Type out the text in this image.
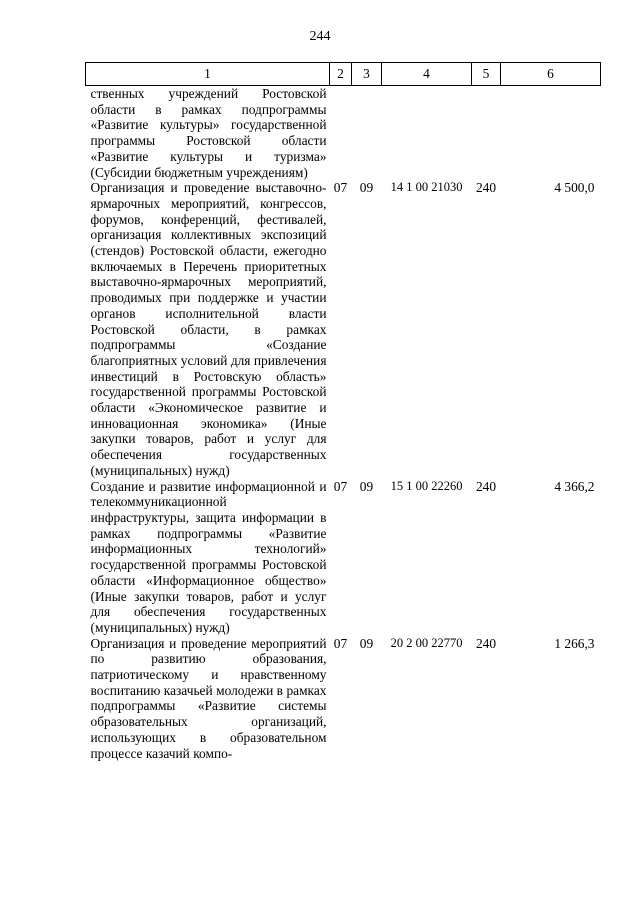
244
1	2	3	4	5	6
ственных учреждений Ростовской области в рамках подпрограммы «Развитие культуры» государственной программы Ростовской области «Развитие культуры и туризма» (Субсидии бюджетным учреждениям)					
Организация и проведение выставочно-ярмарочных мероприятий, конгрессов, форумов, конференций, фестивалей, организация коллективных экспозиций (стендов) Ростовской области, ежегодно включаемых в Перечень приоритетных выставочно-ярмарочных мероприятий, проводимых при поддержке и участии органов исполнительной власти Ростовской области, в рамках подпрограммы «Создание благоприятных условий для привлечения инвестиций в Ростовскую область» государственной программы Ростовской области «Экономическое развитие и инновационная экономика» (Иные закупки товаров, работ и услуг для обеспечения государственных (муниципальных) нужд)	07	09	14 1 00 21030	240	4 500,0
Создание и развитие информационной и телекоммуникационной инфраструктуры, защита информации в рамках подпрограммы «Развитие информационных технологий» государственной программы Ростовской области «Информационное общество» (Иные закупки товаров, работ и услуг для обеспечения государственных (муниципальных) нужд)	07	09	15 1 00 22260	240	4 366,2
Организация и проведение мероприятий по развитию образования, патриотическому и нравственному воспитанию казачьей молодежи в рамках подпрограммы «Развитие системы образовательных организаций, использующих в образовательном процессе казачий компо-	07	09	20 2 00 22770	240	1 266,3
